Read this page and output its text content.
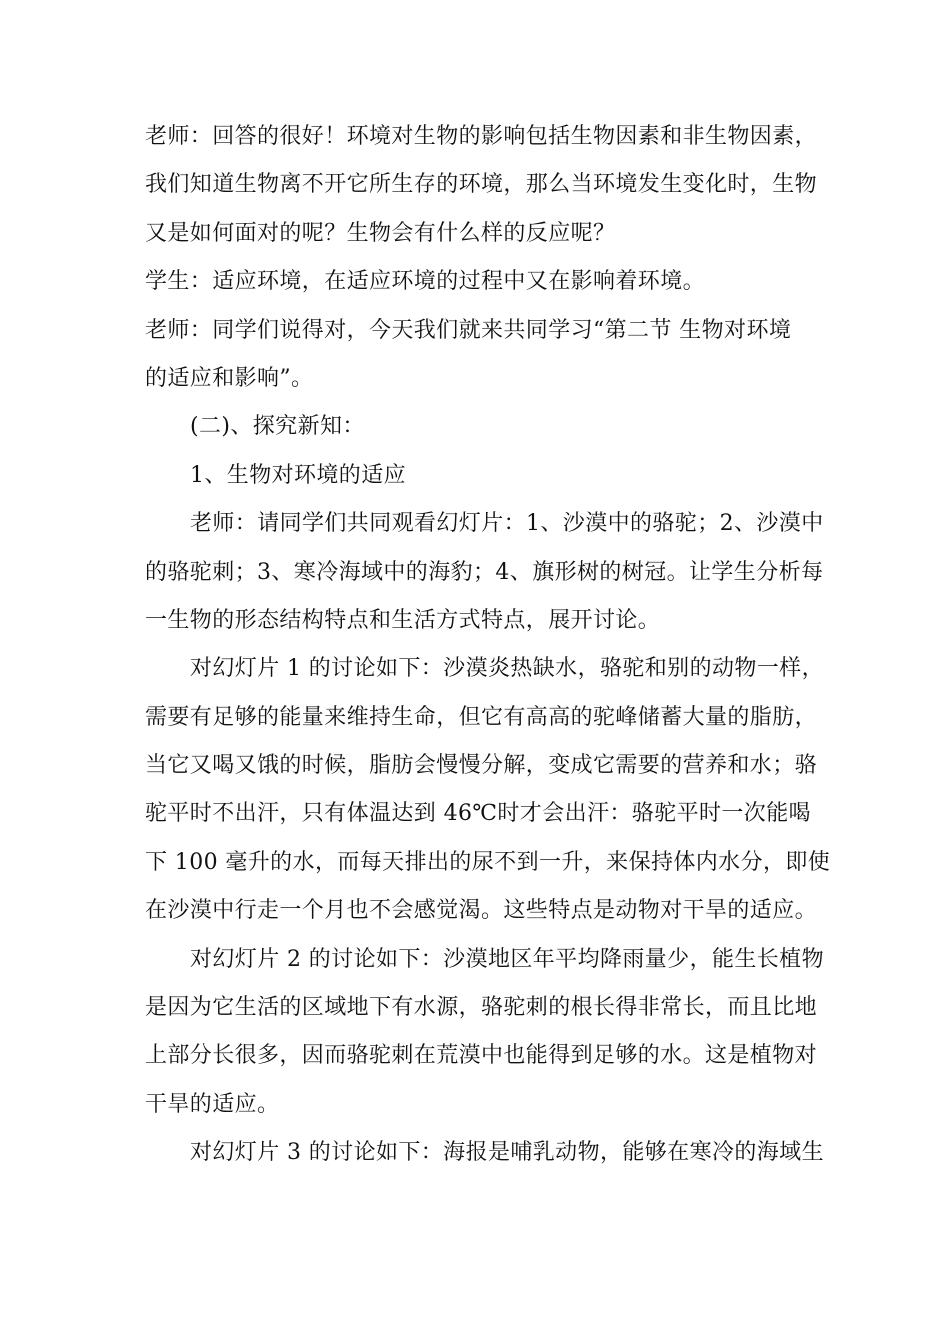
老师：回答的很好！环境对生物的影响包括生物因素和非生物因素，
我们知道生物离不开它所生存的环境，那么当环境发生变化时，生物
又是如何面对的呢？生物会有什么样的反应呢？
学生：适应环境，在适应环境的过程中又在影响着环境。
老师：同学们说得对，今天我们就来共同学习“第二节 生物对环境
的适应和影响”。
(二)、探究新知：
1、生物对环境的适应
老师：请同学们共同观看幻灯片：1、沙漠中的骆驼；2、沙漠中
的骆驼刺；3、寒冷海域中的海豹；4、旗形树的树冠。让学生分析每
一生物的形态结构特点和生活方式特点，展开讨论。
对幻灯片 1 的讨论如下：沙漠炎热缺水，骆驼和别的动物一样，
需要有足够的能量来维持生命，但它有高高的驼峰储蓄大量的脂肪，
当它又喝又饿的时候，脂肪会慢慢分解，变成它需要的营养和水；骆
驼平时不出汗，只有体温达到 46℃时才会出汗：骆驼平时一次能喝
下 100 毫升的水，而每天排出的尿不到一升，来保持体内水分，即使
在沙漠中行走一个月也不会感觉渴。这些特点是动物对干旱的适应。
对幻灯片 2 的讨论如下：沙漠地区年平均降雨量少，能生长植物
是因为它生活的区域地下有水源，骆驼刺的根长得非常长，而且比地
上部分长很多，因而骆驼刺在荒漠中也能得到足够的水。这是植物对
干旱的适应。
对幻灯片 3 的讨论如下：海报是哺乳动物，能够在寒冷的海域生
